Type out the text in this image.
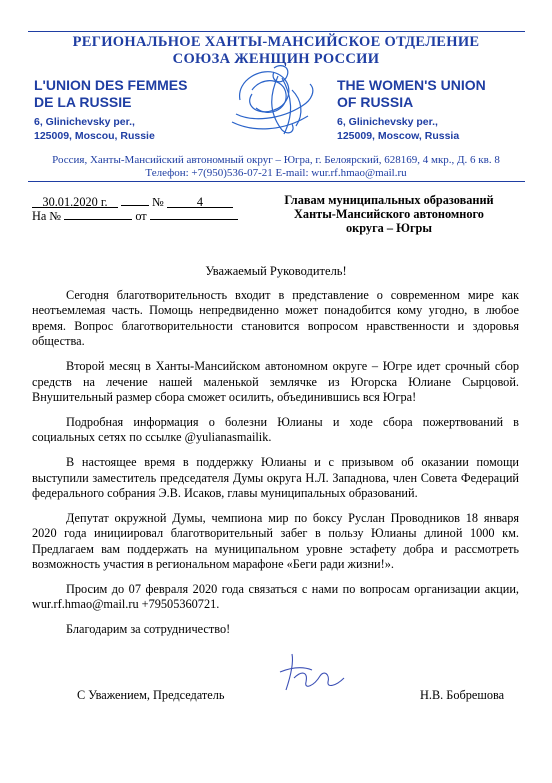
РЕГИОНАЛЬНОЕ ХАНТЫ-МАНСИЙСКОЕ ОТДЕЛЕНИЕ
СОЮЗА ЖЕНЩИН РОССИИ
L'UNION DES FEMMES
DE LA RUSSIE
6, Glinichevsky per.,
125009, Moscou, Russie
THE WOMEN'S UNION
OF RUSSIA
6, Glinichevsky per.,
125009, Moscow, Russia
Россия, Ханты-Мансийский автономный округ – Югра, г. Белоярский, 628169, 4 мкр., Д. 6 кв. 8
Телефон: +7(950)536-07-21 E-mail: wur.rf.hmao@mail.ru
30.01.2020 г.	№	4
На №	от
Главам муниципальных образований
Ханты-Мансийского автономного
округа – Югры
Уважаемый Руководитель!

Сегодня благотворительность входит в представление о современном мире как неотъемлемая часть. Помощь непредвиденно может понадобится кому угодно, в любое время. Вопрос благотворительности становится вопросом нравственности и здоровья общества.

Второй месяц в Ханты-Мансийском автономном округе – Югре идет срочный сбор средств на лечение нашей маленькой землячке из Югорска Юлиане Сырцовой. Внушительный размер сбора сможет осилить, объединившись вся Югра!

Подробная информация о болезни Юлианы и ходе сбора пожертвований в социальных сетях по ссылке @yulianasmailik.

В настоящее время в поддержку Юлианы и с призывом об оказании помощи выступили заместитель председателя Думы округа Н.Л. Западнова, член Совета Федераций федерального собрания Э.В. Исаков, главы муниципальных образований.

Депутат окружной Думы, чемпиона мир по боксу Руслан Проводников 18 января 2020 года инициировал благотворительный забег в пользу Юлианы длиной 1000 км. Предлагаем вам поддержать на муниципальном уровне эстафету добра и рассмотреть возможность участия в региональном марафоне «Беги ради жизни!».

Просим до 07 февраля 2020 года связаться с нами по вопросам организации акции, wur.rf.hmao@mail.ru +79505360721.

Благодарим за сотрудничество!

С Уважением, Председатель	Н.В. Бобрешова
